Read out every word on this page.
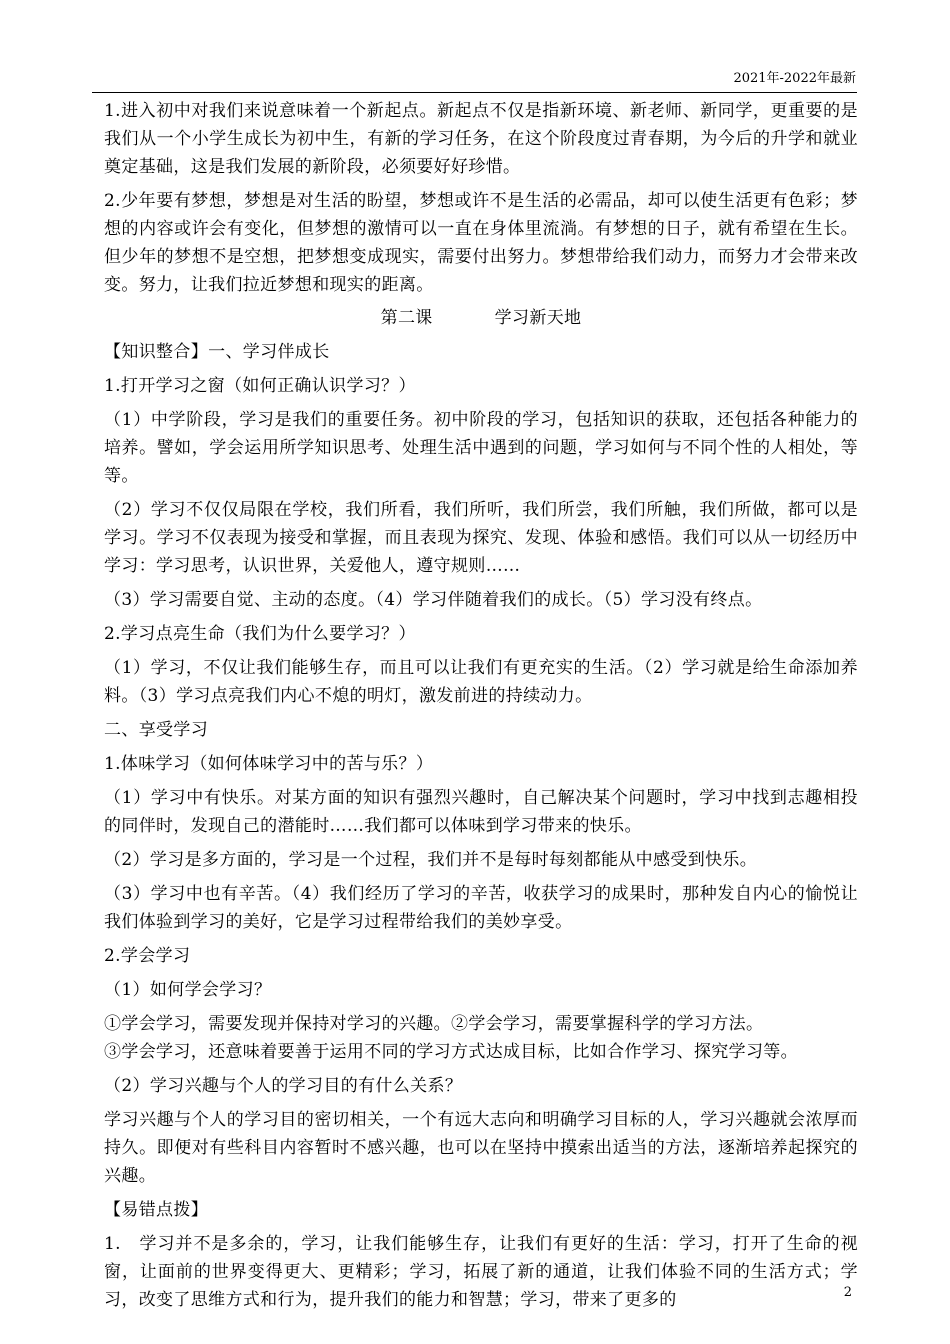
2021年-2022年最新

1.进入初中对我们来说意味着一个新起点。新起点不仅是指新环境、新老师、新同学，更重要的是我们从一个小学生成长为初中生，有新的学习任务，在这个阶段度过青春期，为今后的升学和就业奠定基础，这是我们发展的新阶段，必须要好好珍惜。

2.少年要有梦想，梦想是对生活的盼望，梦想或许不是生活的必需品，却可以使生活更有色彩；梦想的内容或许会有变化，但梦想的激情可以一直在身体里流淌。有梦想的日子，就有希望在生长。但少年的梦想不是空想，把梦想变成现实，需要付出努力。梦想带给我们动力，而努力才会带来改变。努力，让我们拉近梦想和现实的距离。

第二课	学习新天地

【知识整合】一、学习伴成长

1.打开学习之窗（如何正确认识学习？）

（1）中学阶段，学习是我们的重要任务。初中阶段的学习，包括知识的获取，还包括各种能力的培养。譬如，学会运用所学知识思考、处理生活中遇到的问题，学习如何与不同个性的人相处，等等。

（2）学习不仅仅局限在学校，我们所看，我们所听，我们所尝，我们所触，我们所做，都可以是学习。学习不仅表现为接受和掌握，而且表现为探究、发现、体验和感悟。我们可以从一切经历中学习：学习思考，认识世界，关爱他人，遵守规则……

（3）学习需要自觉、主动的态度。（4）学习伴随着我们的成长。（5）学习没有终点。

2.学习点亮生命（我们为什么要学习？）

（1）学习，不仅让我们能够生存，而且可以让我们有更充实的生活。（2）学习就是给生命添加养料。（3）学习点亮我们内心不熄的明灯，激发前进的持续动力。

二、享受学习

1.体味学习（如何体味学习中的苦与乐？）

（1）学习中有快乐。对某方面的知识有强烈兴趣时，自己解决某个问题时，学习中找到志趣相投的同伴时，发现自己的潜能时……我们都可以体味到学习带来的快乐。

（2）学习是多方面的，学习是一个过程，我们并不是每时每刻都能从中感受到快乐。

（3）学习中也有辛苦。（4）我们经历了学习的辛苦，收获学习的成果时，那种发自内心的愉悦让我们体验到学习的美好，它是学习过程带给我们的美妙享受。

2.学会学习

（1）如何学会学习？

①学会学习，需要发现并保持对学习的兴趣。②学会学习，需要掌握科学的学习方法。

③学会学习，还意味着要善于运用不同的学习方式达成目标，比如合作学习、探究学习等。

（2）学习兴趣与个人的学习目的有什么关系？

学习兴趣与个人的学习目的密切相关，一个有远大志向和明确学习目标的人，学习兴趣就会浓厚而持久。即便对有些科目内容暂时不感兴趣，也可以在坚持中摸索出适当的方法，逐渐培养起探究的兴趣。

【易错点拨】

1.　学习并不是多余的，学习，让我们能够生存，让我们有更好的生活：学习，打开了生命的视窗，让面前的世界变得更大、更精彩；学习，拓展了新的通道，让我们体验不同的生活方式；学习，改变了思维方式和行为，提升我们的能力和智慧；学习，带来了更多的	2
